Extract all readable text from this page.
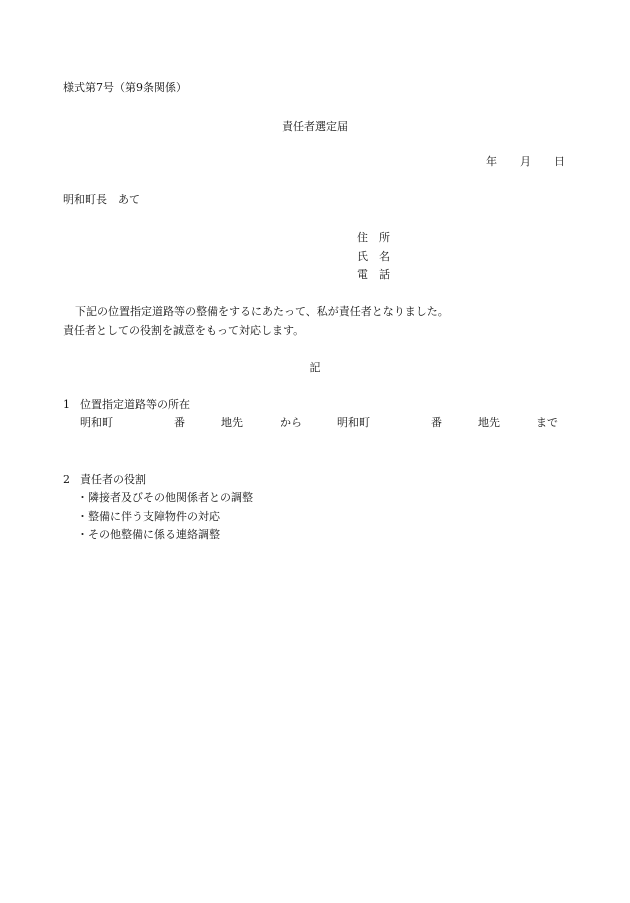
様式第7号（第9条関係）
責任者選定届
年 月 日
明和町長　あて
住　所
氏　名
電　話
下記の位置指定道路等の整備をするにあたって、私が責任者となりました。
責任者としての役割を誠意をもって対応します。
記
1 位置指定道路等の所在
明和町	番	地先	から	明和町	番	地先	まで
2 責任者の役割
・隣接者及びその他関係者との調整
・整備に伴う支障物件の対応
・その他整備に係る連絡調整
